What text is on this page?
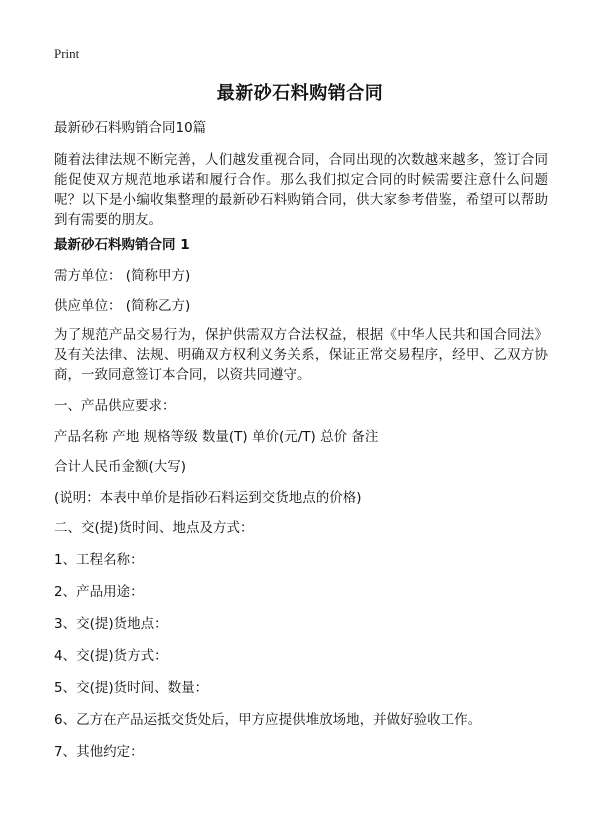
Print
最新砂石料购销合同
最新砂石料购销合同10篇
随着法律法规不断完善，人们越发重视合同，合同出现的次数越来越多，签订合同能促使双方规范地承诺和履行合作。那么我们拟定合同的时候需要注意什么问题呢？以下是小编收集整理的最新砂石料购销合同，供大家参考借鉴，希望可以帮助到有需要的朋友。
最新砂石料购销合同 1
需方单位： (简称甲方)
供应单位： (简称乙方)
为了规范产品交易行为，保护供需双方合法权益，根据《中华人民共和国合同法》及有关法律、法规、明确双方权利义务关系，保证正常交易程序，经甲、乙双方协商，一致同意签订本合同，以资共同遵守。
一、产品供应要求：
产品名称 产地 规格等级 数量(T) 单价(元/T) 总价 备注
合计人民币金额(大写)
(说明：本表中单价是指砂石料运到交货地点的价格)
二、交(提)货时间、地点及方式：
1、工程名称：
2、产品用途：
3、交(提)货地点：
4、交(提)货方式：
5、交(提)货时间、数量：
6、乙方在产品运抵交货处后，甲方应提供堆放场地，并做好验收工作。
7、其他约定：
